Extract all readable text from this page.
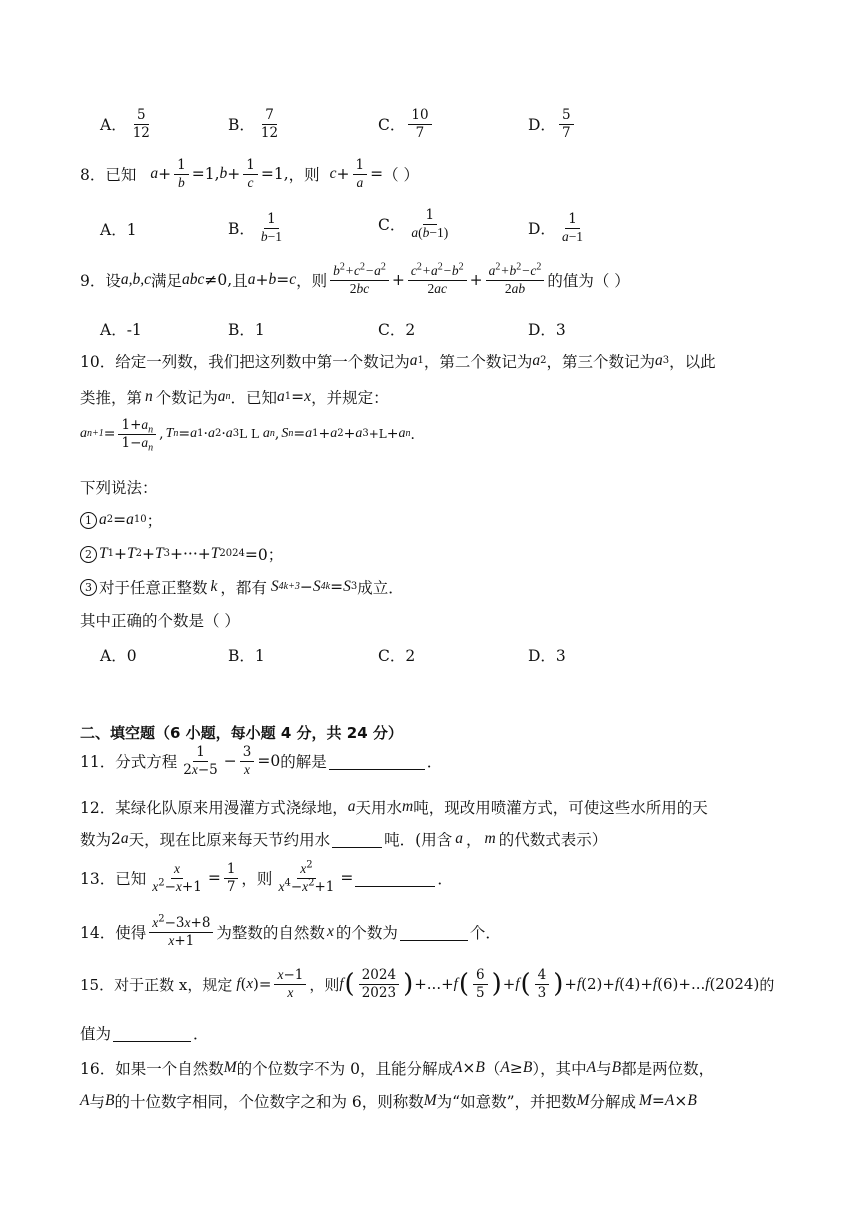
A． $\frac{5}{12}$	B． $\frac{7}{12}$	C． $\frac{10}{7}$	D． $\frac{5}{7}$
8．已知 $a + \frac{1}{b} =1$, $b + \frac{1}{c} =1$, ，则 $c + \frac{1}{a}$ = （ ）
A．1	B． $\frac{1}{b-1}$	C． $\frac{1}{a(b-1)}$	D． $\frac{1}{a-1}$
9．设 a,b,c 满足 abc ≠0, 且 a + b = c ，则 $\frac{b^2+c^2-a^2}{2bc} + \frac{c^2+a^2-b^2}{2ac} + \frac{a^2+b^2-c^2}{2ab}$ 的值为（ ）
A．-1	B．1	C．2	D．3
10．给定一列数，我们把这列数中第一个数记为 a 1 ，第二个数记为 a 2 ，第三个数记为 a 3 ，以此
类推，第 n 个数记为 a n ．已知 a 1 = x ，并规定：
a $n+1 = \frac{1+a_n}{1-a_n}$ , T n = a 1 · a 2 · a 3 L L a n , S n = a 1 + a 2 + a 3 +L + a n ．
下列说法：
1 a 2 = a 10 ；
2 T 1 + T 2 + T 3 +···+ T 2024 =0；
3 对于任意正整数 k ，都有 S 4k+3 − S 4k = S 3 成立．
其中正确的个数是（ ）
A．0	B．1	C．2	D．3
二、填空题（6 小题，每小题 4 分，共 24 分）
11．分式方程 $\frac{1}{2x-5} - \frac{3}{x} =0$ 的解是	．
12．某绿化队原来用漫灌方式浇绿地， a 天用水 m 吨，现改用喷灌方式，可使这些水所用的天
数为 2 a 天，现在比原来每天节约用水	吨．(用含 a ， m 的代数式表示）
13．已知 $\frac{x}{x^2-x+1} = \frac{1}{7}$ ，则 $\frac{x^2}{x^4-x^2+1}$ =	．
14．使得 $\frac{x^2-3x+8}{x+1}$ 为整数的自然数 x 的个数为	个．
15．对于正数 x，规定 f ( x )= $\frac{x-1}{x}$ ，则 f ( $\frac{2024}{2023}$ ) +...+ f ( $\frac{6}{5}$ ) + f ( $\frac{4}{3}$ ) + f (2)+ f (4)+ f (6)+... f (2024) 的
值为	．
16．如果一个自然数 M 的个位数字不为 0，且能分解成 A × B （ A ≥ B ），其中 A 与 B 都是两位数，
A 与 B 的十位数字相同，个位数字之和为 6，则称数 M 为“如意数”，并把数 M 分解成 M = A × B
